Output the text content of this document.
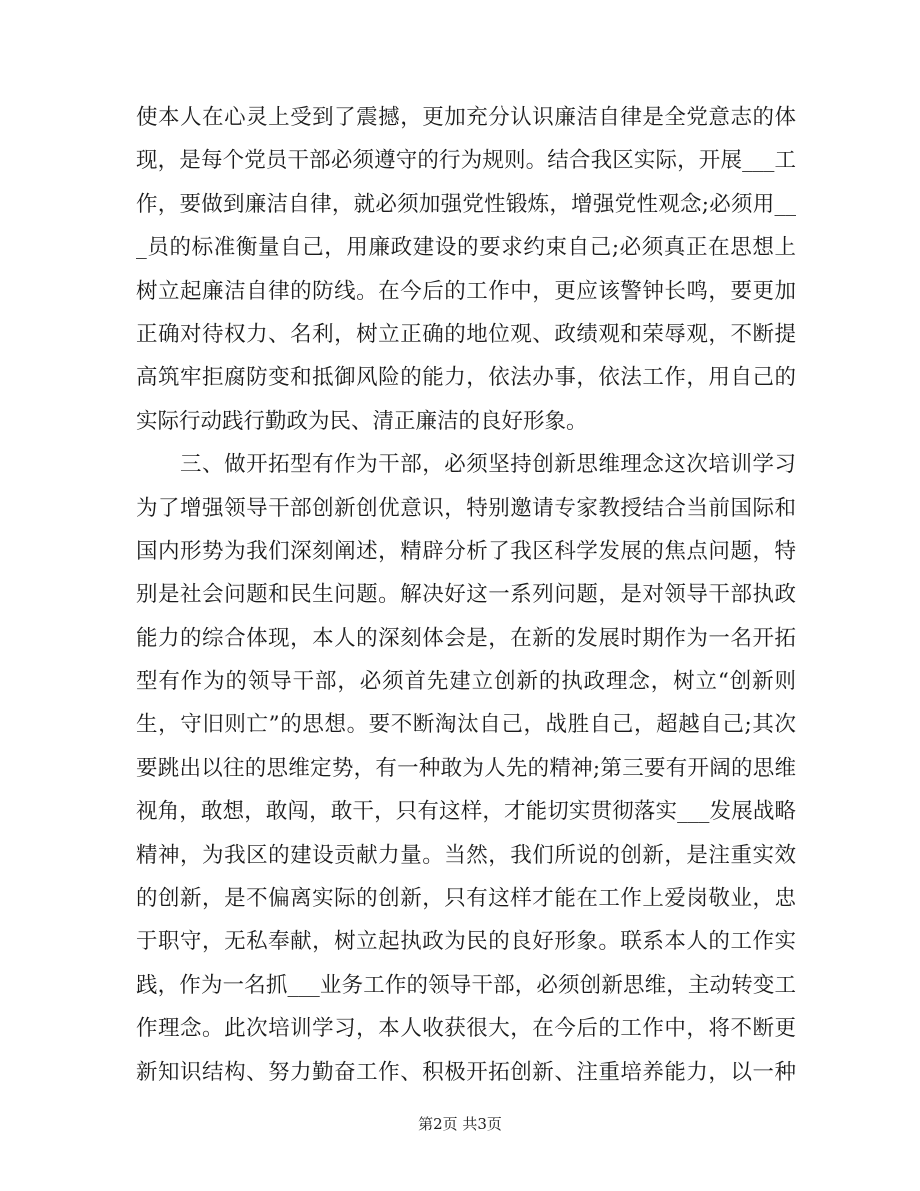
使本人在心灵上受到了震撼，更加充分认识廉洁自律是全党意志的体
现，是每个党员干部必须遵守的行为规则。结合我区实际，开展___工
作，要做到廉洁自律，就必须加强党性锻炼，增强党性观念;必须用__
_员的标准衡量自己，用廉政建设的要求约束自己;必须真正在思想上
树立起廉洁自律的防线。在今后的工作中，更应该警钟长鸣，要更加
正确对待权力、名利，树立正确的地位观、政绩观和荣辱观，不断提
高筑牢拒腐防变和抵御风险的能力，依法办事，依法工作，用自己的
实际行动践行勤政为民、清正廉洁的良好形象。
　　三、做开拓型有作为干部，必须坚持创新思维理念这次培训学习
为了增强领导干部创新创优意识，特别邀请专家教授结合当前国际和
国内形势为我们深刻阐述，精辟分析了我区科学发展的焦点问题，特
别是社会问题和民生问题。解决好这一系列问题，是对领导干部执政
能力的综合体现，本人的深刻体会是，在新的发展时期作为一名开拓
型有作为的领导干部，必须首先建立创新的执政理念，树立“创新则
生，守旧则亡”的思想。要不断淘汰自己，战胜自己，超越自己;其次
要跳出以往的思维定势，有一种敢为人先的精神;第三要有开阔的思维
视角，敢想，敢闯，敢干，只有这样，才能切实贯彻落实___发展战略
精神，为我区的建设贡献力量。当然，我们所说的创新，是注重实效
的创新，是不偏离实际的创新，只有这样才能在工作上爱岗敬业，忠
于职守，无私奉献，树立起执政为民的良好形象。联系本人的工作实
践，作为一名抓___业务工作的领导干部，必须创新思维，主动转变工
作理念。此次培训学习，本人收获很大，在今后的工作中，将不断更
新知识结构、努力勤奋工作、积极开拓创新、注重培养能力，以一种
第2页 共3页
